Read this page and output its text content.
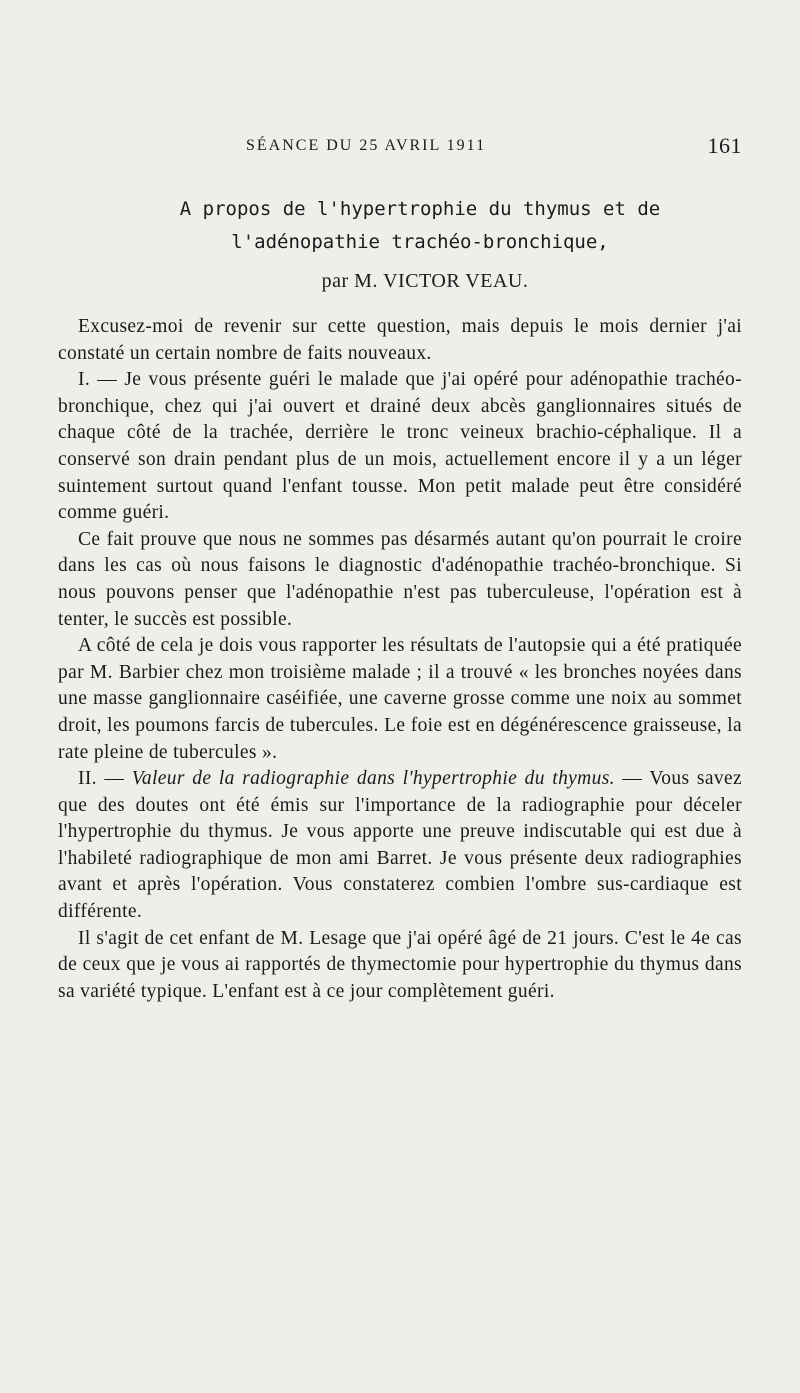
SÉANCE DU 25 AVRIL 1911	161
A propos de l'hypertrophie du thymus et de
l'adénopathie trachéo-bronchique,
par M. VICTOR VEAU.

Excusez-moi de revenir sur cette question, mais depuis le mois dernier j'ai constaté un certain nombre de faits nouveaux.

I. — Je vous présente guéri le malade que j'ai opéré pour adénopathie trachéo-bronchique, chez qui j'ai ouvert et drainé deux abcès ganglionnaires situés de chaque côté de la trachée, derrière le tronc veineux brachio-céphalique. Il a conservé son drain pendant plus de un mois, actuellement encore il y a un léger suintement surtout quand l'enfant tousse. Mon petit malade peut être considéré comme guéri.

Ce fait prouve que nous ne sommes pas désarmés autant qu'on pourrait le croire dans les cas où nous faisons le diagnostic d'adénopathie trachéo-bronchique. Si nous pouvons penser que l'adénopathie n'est pas tuberculeuse, l'opération est à tenter, le succès est possible.

A côté de cela je dois vous rapporter les résultats de l'autopsie qui a été pratiquée par M. Barbier chez mon troisième malade ; il a trouvé « les bronches noyées dans une masse ganglionnaire caséifiée, une caverne grosse comme une noix au sommet droit, les poumons farcis de tubercules. Le foie est en dégénérescence graisseuse, la rate pleine de tubercules ».

II. — Valeur de la radiographie dans l'hypertrophie du thymus. — Vous savez que des doutes ont été émis sur l'importance de la radiographie pour déceler l'hypertrophie du thymus. Je vous apporte une preuve indiscutable qui est due à l'habileté radiographique de mon ami Barret. Je vous présente deux radiographies avant et après l'opération. Vous constaterez combien l'ombre sus-cardiaque est différente.

Il s'agit de cet enfant de M. Lesage que j'ai opéré âgé de 21 jours. C'est le 4e cas de ceux que je vous ai rapportés de thymectomie pour hypertrophie du thymus dans sa variété typique. L'enfant est à ce jour complètement guéri.
